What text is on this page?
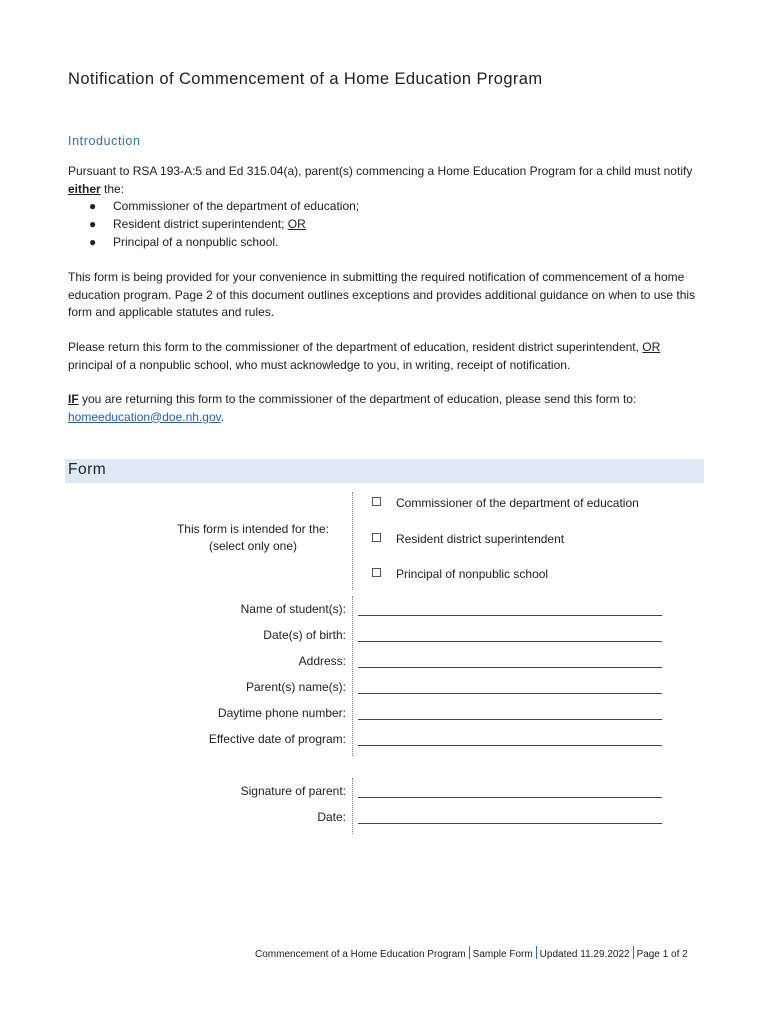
Notification of Commencement of a Home Education Program
Introduction
Pursuant to RSA 193-A:5 and Ed 315.04(a), parent(s) commencing a Home Education Program for a child must notify either the:
● Commissioner of the department of education;
● Resident district superintendent; OR
● Principal of a nonpublic school.
This form is being provided for your convenience in submitting the required notification of commencement of a home education program. Page 2 of this document outlines exceptions and provides additional guidance on when to use this form and applicable statutes and rules.
Please return this form to the commissioner of the department of education, resident district superintendent, OR principal of a nonpublic school, who must acknowledge to you, in writing, receipt of notification.
IF you are returning this form to the commissioner of the department of education, please send this form to: homeeducation@doe.nh.gov.
Form
This form is intended for the:
(select only one)
Commissioner of the department of education
Resident district superintendent
Principal of nonpublic school
Name of student(s):
Date(s) of birth:
Address:
Parent(s) name(s):
Daytime phone number:
Effective date of program:
Signature of parent:
Date:
Commencement of a Home Education Program Sample Form Updated 11.29.2022 Page 1 of 2
